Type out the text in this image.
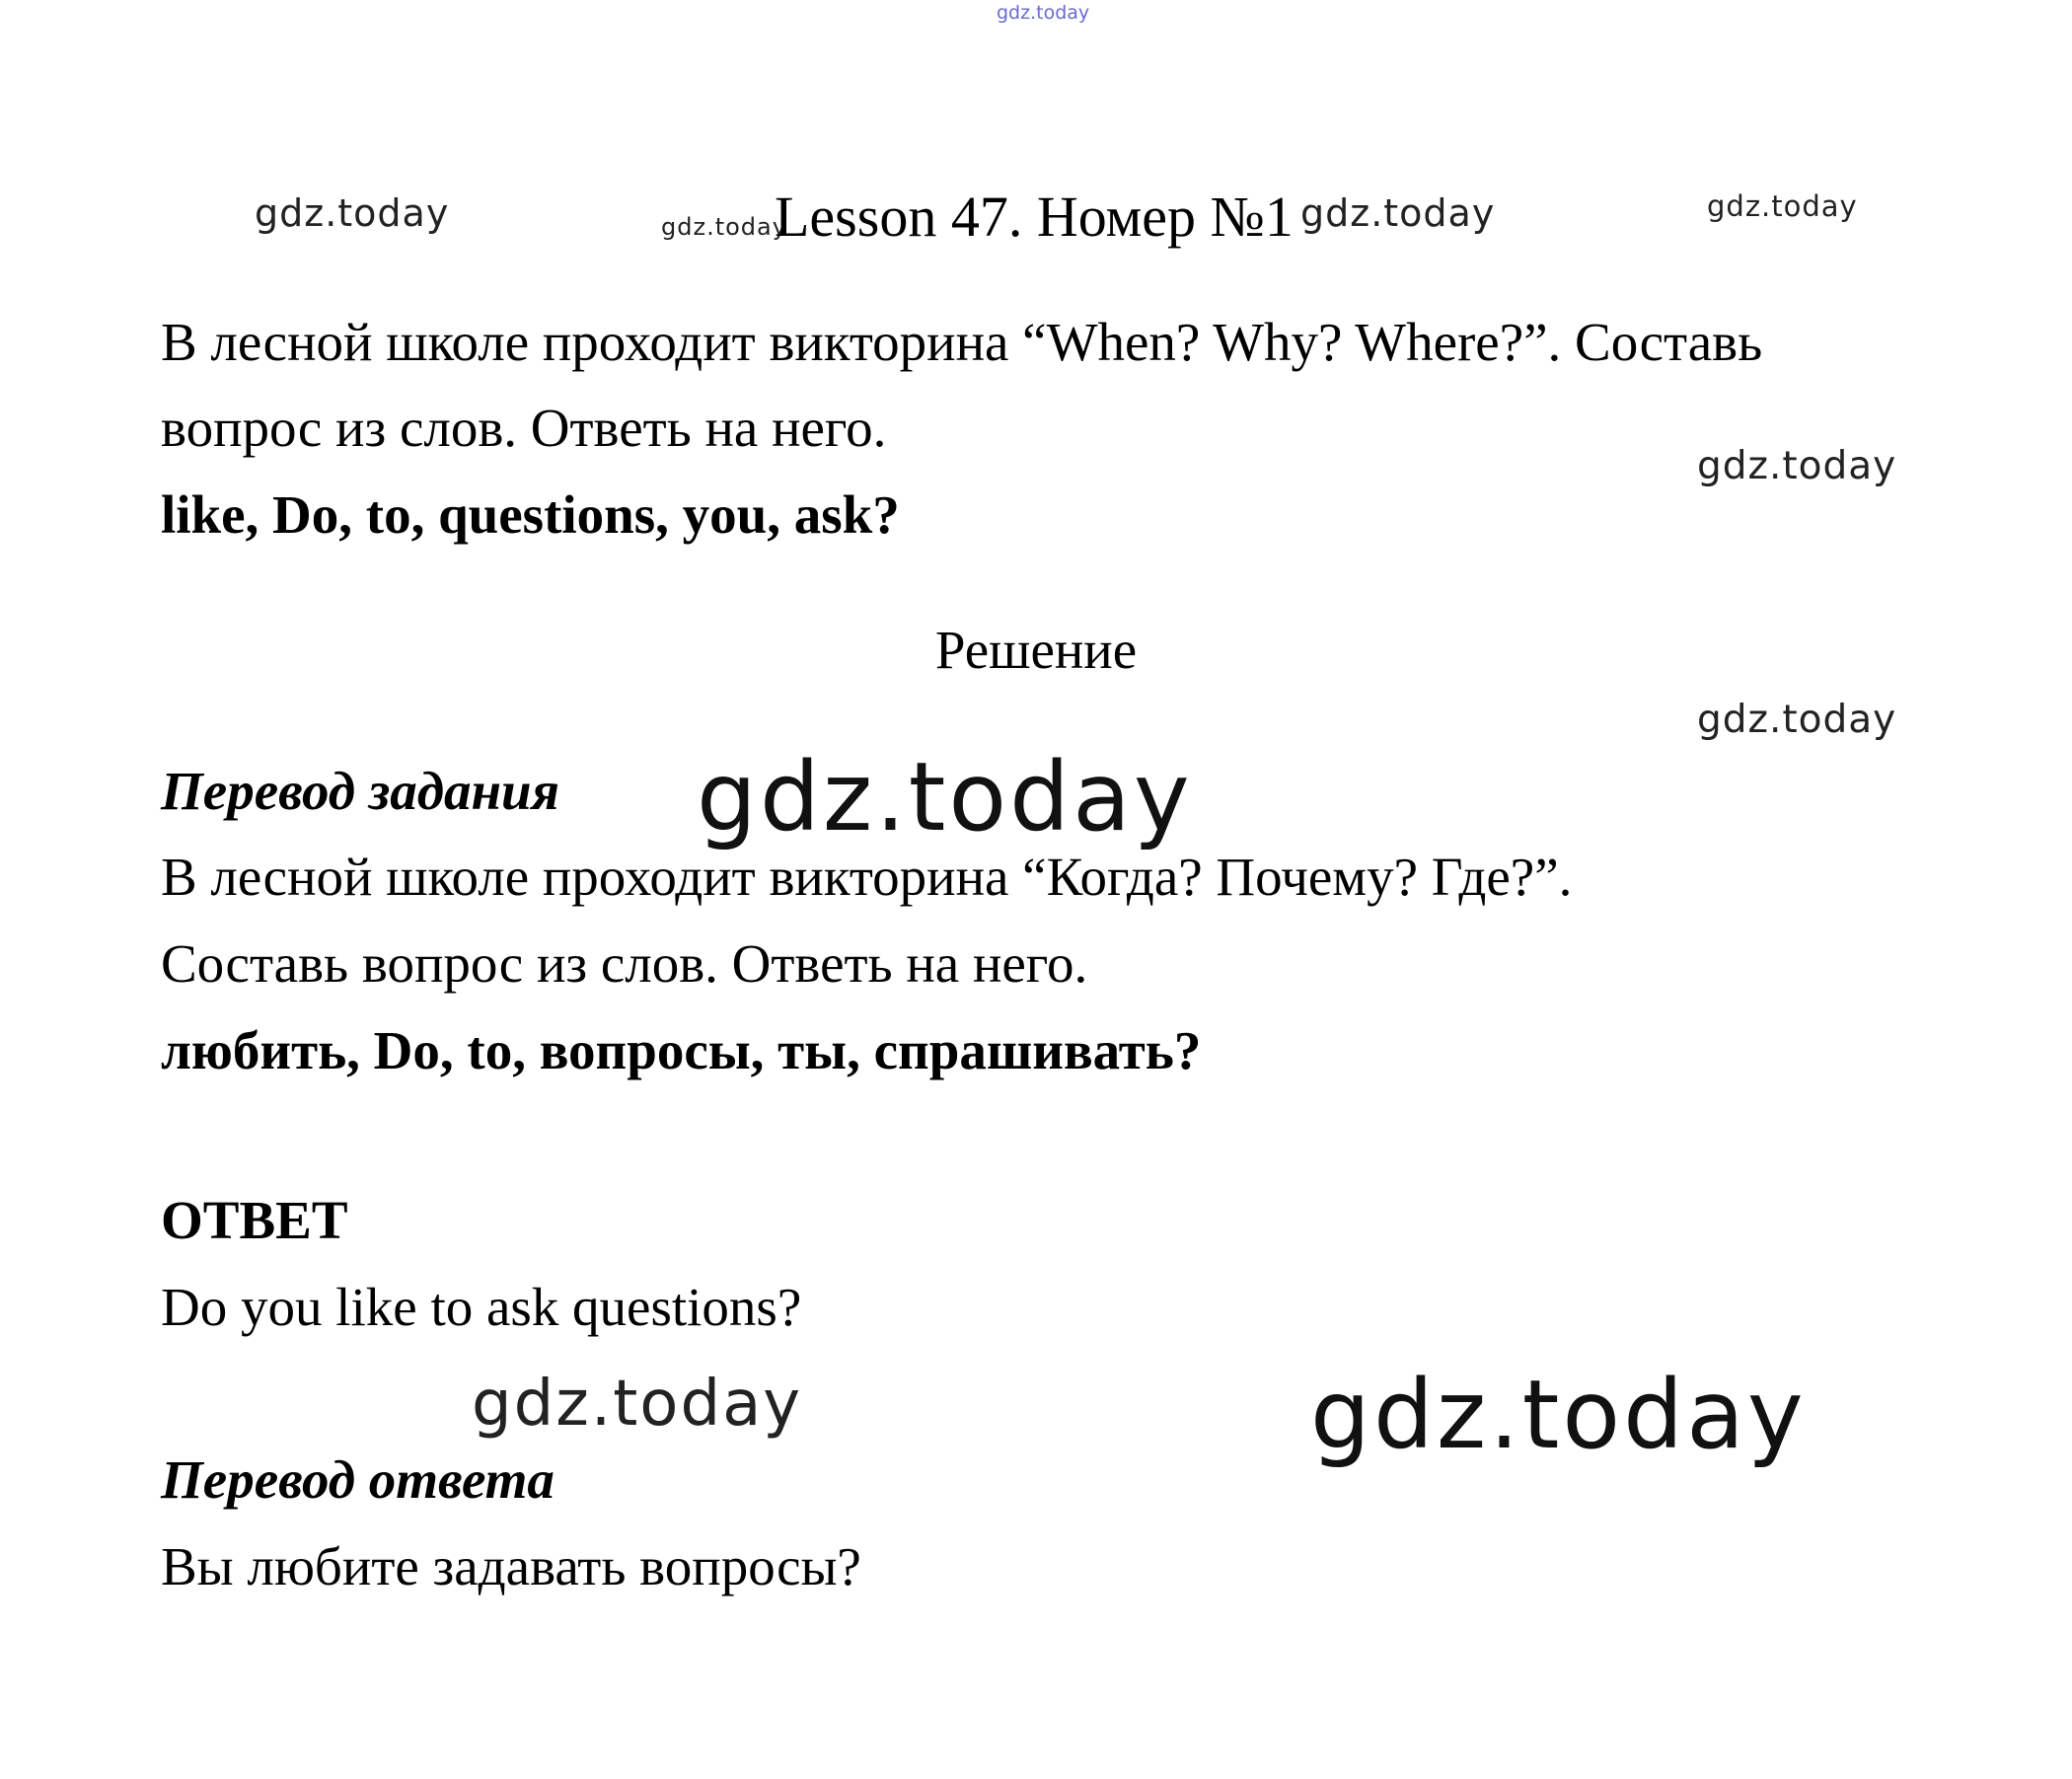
gdz.today
gdz.today	gdz.today
Lesson 47. Номер №1 gdz.today	gdz.today
В лесной школе проходит викторина “When? Why? Where?”. Составь
вопрос из слов. Ответь на него.
gdz.today
like, Do, to, questions, you, ask?
Решение
gdz.today
Перевод задания gdz.today
В лесной школе проходит викторина “Когда? Почему? Где?”.
Составь вопрос из слов. Ответь на него.
любить, Do, to, вопросы, ты, спрашивать?
ОТВЕТ
Do you like to ask questions?
gdz.today	gdz.today
Перевод ответа
Вы любите задавать вопросы?
